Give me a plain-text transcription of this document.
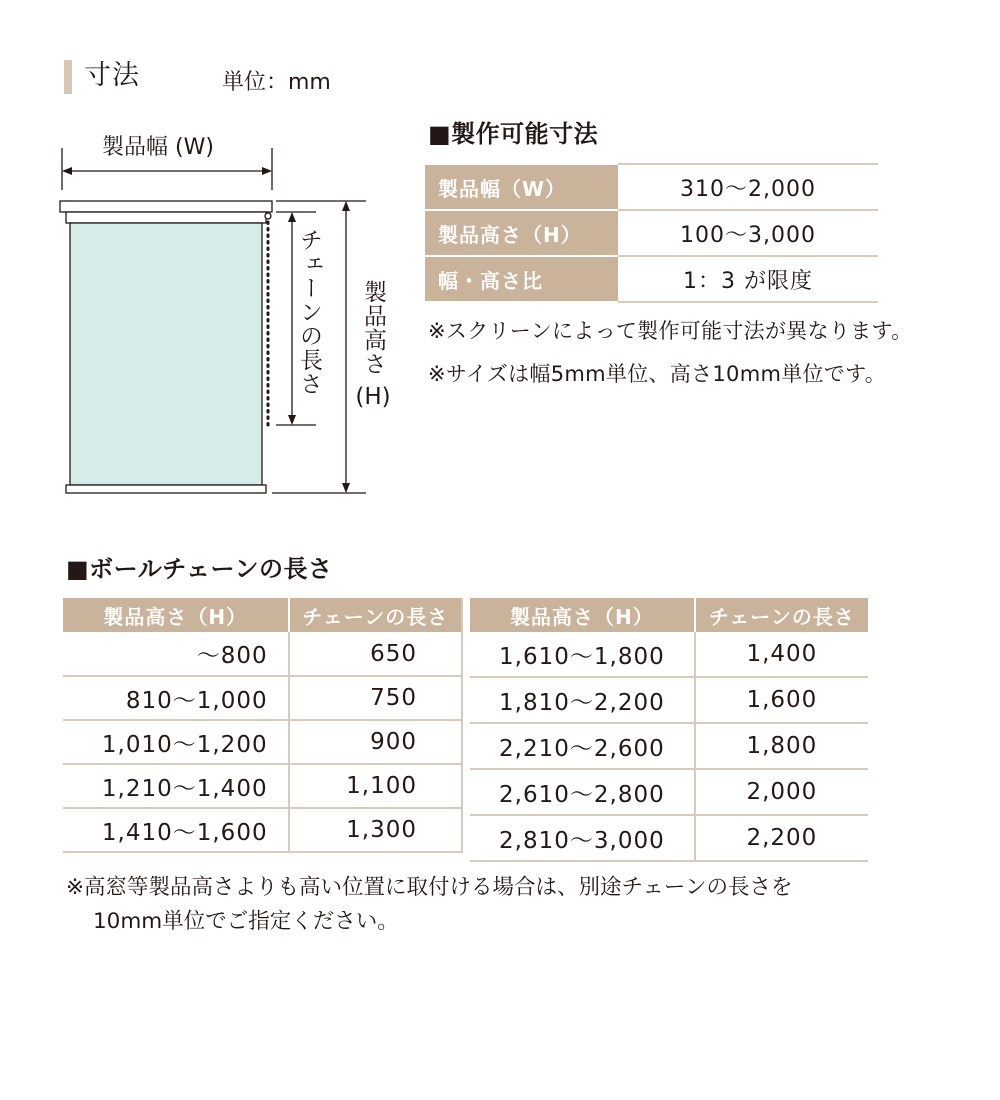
寸法	単位：mm
製品幅 (W)
チェーンの長さ	製品高さ
(H)
■製作可能寸法
製品幅（W）	310～2,000
製品高さ（H）	100～3,000
幅・高さ比	1：3 が限度
※スクリーンによって製作可能寸法が異なります。
※サイズは幅5mm単位、高さ10mm単位です。
■ボールチェーンの長さ
製品高さ（H）	チェーンの長さ
～800	650
810～1,000	750
1,010～1,200	900
1,210～1,400	1,100
1,410～1,600	1,300
製品高さ（H）	チェーンの長さ
1,610～1,800	1,400
1,810～2,200	1,600
2,210～2,600	1,800
2,610～2,800	2,000
2,810～3,000	2,200
※高窓等製品高さよりも高い位置に取付ける場合は、別途チェーンの長さを
10mm単位でご指定ください。
